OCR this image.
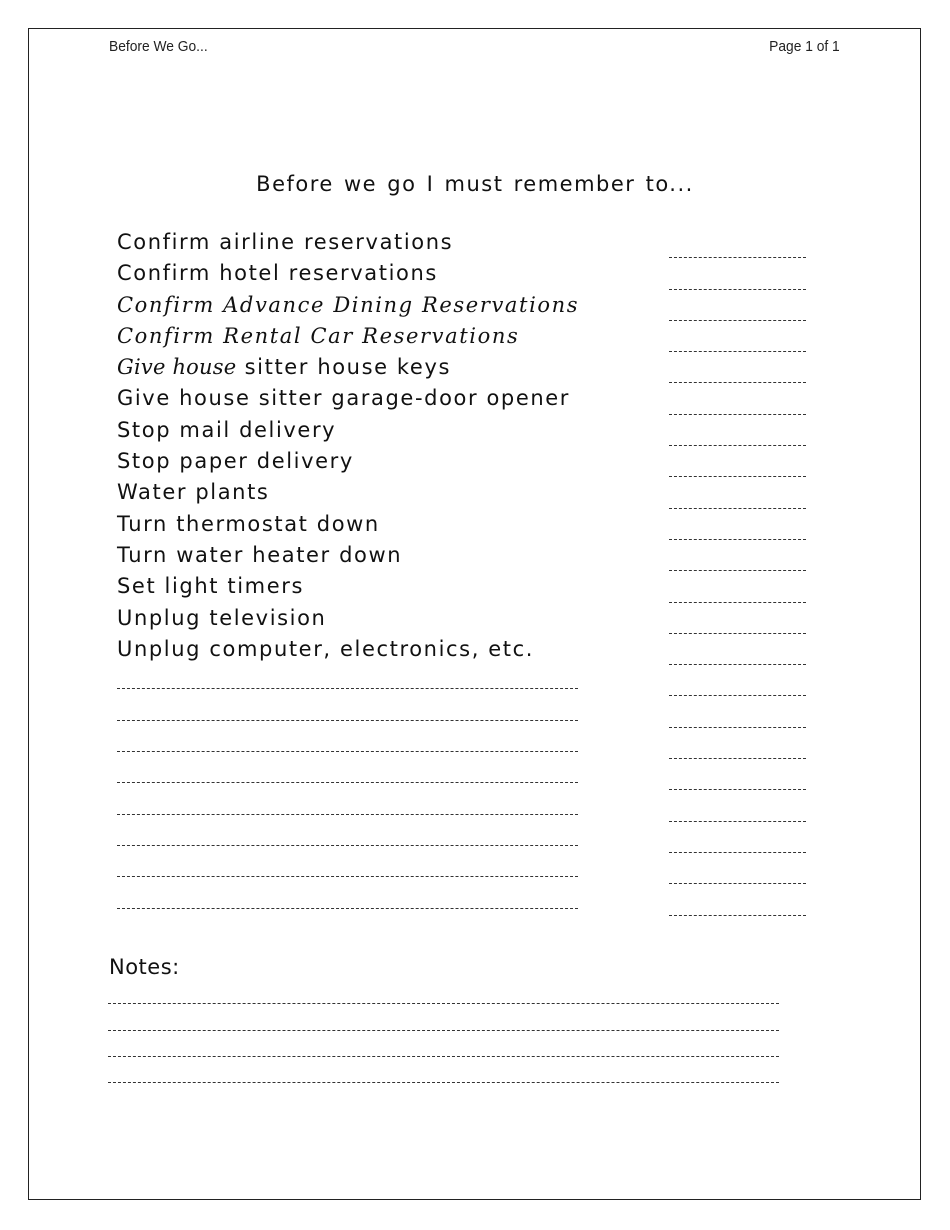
Before We Go...	Page 1 of 1
Before we go I must remember to...
Confirm airline reservations
Confirm hotel reservations
Confirm Advance Dining Reservations
Confirm Rental Car Reservations
Give house sitter house keys
Give house sitter garage-door opener
Stop mail delivery
Stop paper delivery
Water plants
Turn thermostat down
Turn water heater down
Set light timers
Unplug television
Unplug computer, electronics, etc.
Notes:
